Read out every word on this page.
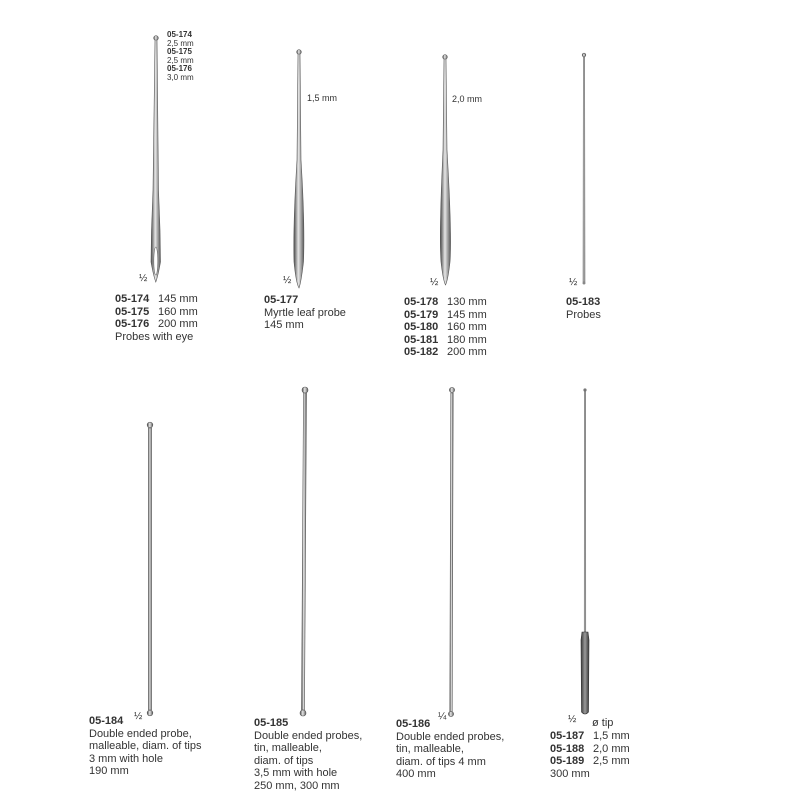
05-174
2,5 mm
05-175
2,5 mm
05-176
3,0 mm
½
05-174 145 mm
05-175 160 mm
05-176 200 mm
Probes with eye
1,5 mm
½
05-177
Myrtle leaf probe
145 mm
2,0 mm
½
05-178 130 mm
05-179 145 mm
05-180 160 mm
05-181 180 mm
05-182 200 mm
½
05-183
Probes
½
05-184
Double ended probe,
malleable, diam. of tips
3 mm with hole
190 mm
05-185
Double ended probes,
tin, malleable,
diam. of tips
3,5 mm with hole
250 mm, 300 mm
¼
05-186
Double ended probes,
tin, malleable,
diam. of tips 4 mm
400 mm
½ ø tip
05-187 1,5 mm
05-188 2,0 mm
05-189 2,5 mm
300 mm
